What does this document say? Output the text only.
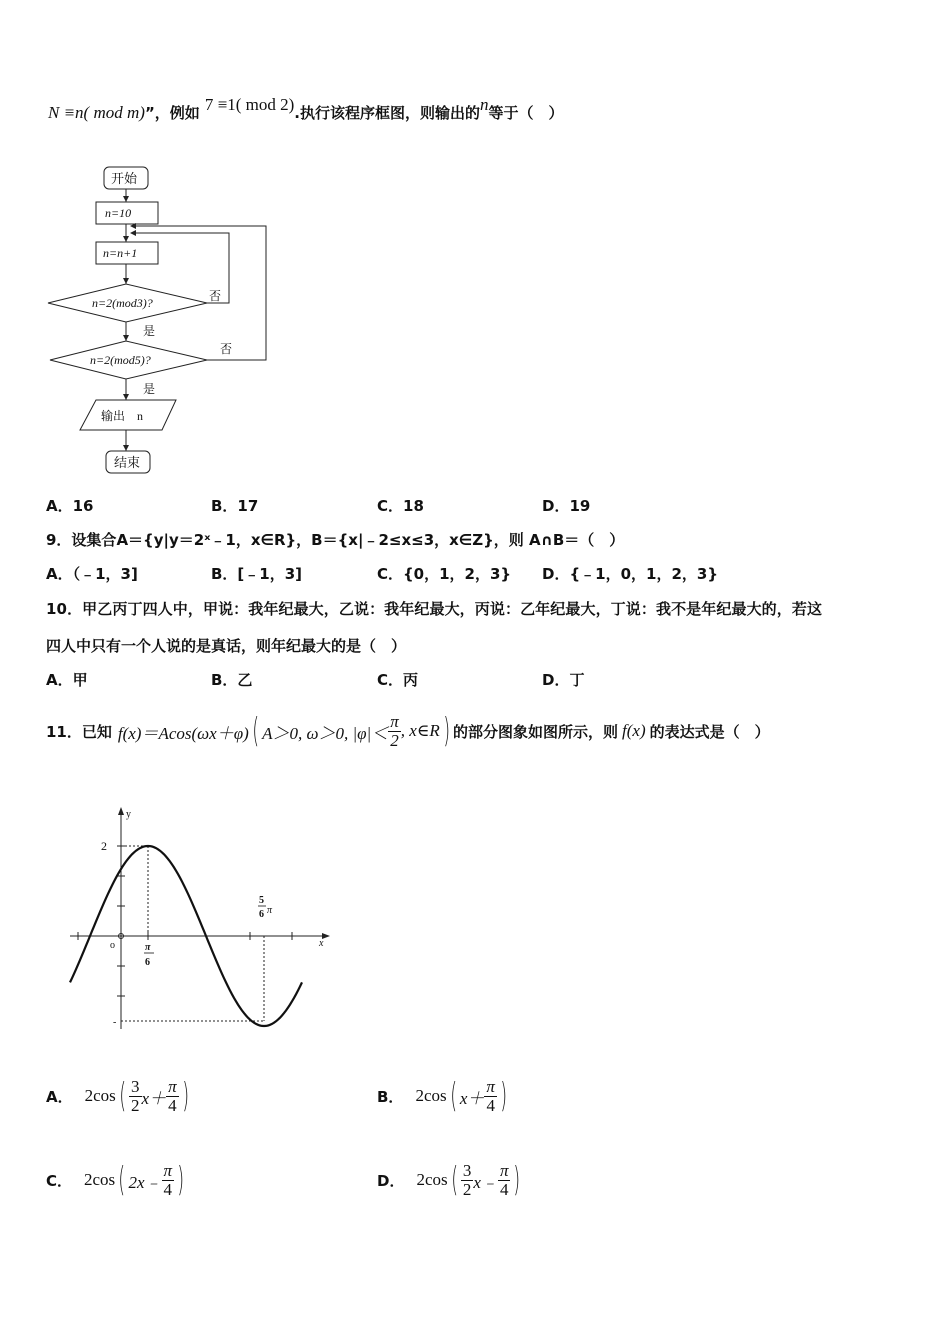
N ≡n( mod m)”，例如 7 ≡1( mod 2).执行该程序框图，则输出的n等于（　）
开始
n=10
n=n+1
n=2(mod3)?
n=2(mod5)?
否
否
是
是
输出　n
结束
A．16	B．17	C．18	D．19
9．设集合A＝{y|y＝2ˣ﹣1，x∈R}，B＝{x|﹣2≤x≤3，x∈Z}，则 A∩B＝（　）
A．（﹣1，3]	B．[﹣1，3]	C．{0，1，2，3} D．{﹣1，0，1，2，3}
10．甲乙丙丁四人中，甲说：我年纪最大，乙说：我年纪最大，丙说：乙年纪最大，丁说：我不是年纪最大的，若这
四人中只有一个人说的是真话，则年纪最大的是（　）
A．甲	B．乙	C．丙	D．丁
11．已知 f(x)＝Acos(ωx＋φ) ( A＞0, ω＞0, $|\varphi|< \frac{\pi}{2}$ , x∈R ) 的部分图象如图所示，则 f(x) 的表达式是（　）
y
x
o
2
-
π
6
5
6 π
A． 2cos ( $\frac{3}{2} x+ \frac{\pi}{4}$ )	B． 2cos ( $x+ \frac{\pi}{4}$ )
C． 2cos ( 2x﹣ $\frac{\pi}{4}$ )	D． 2cos ( $\frac{3}{2}$ x﹣ $\frac{\pi}{4}$ )
